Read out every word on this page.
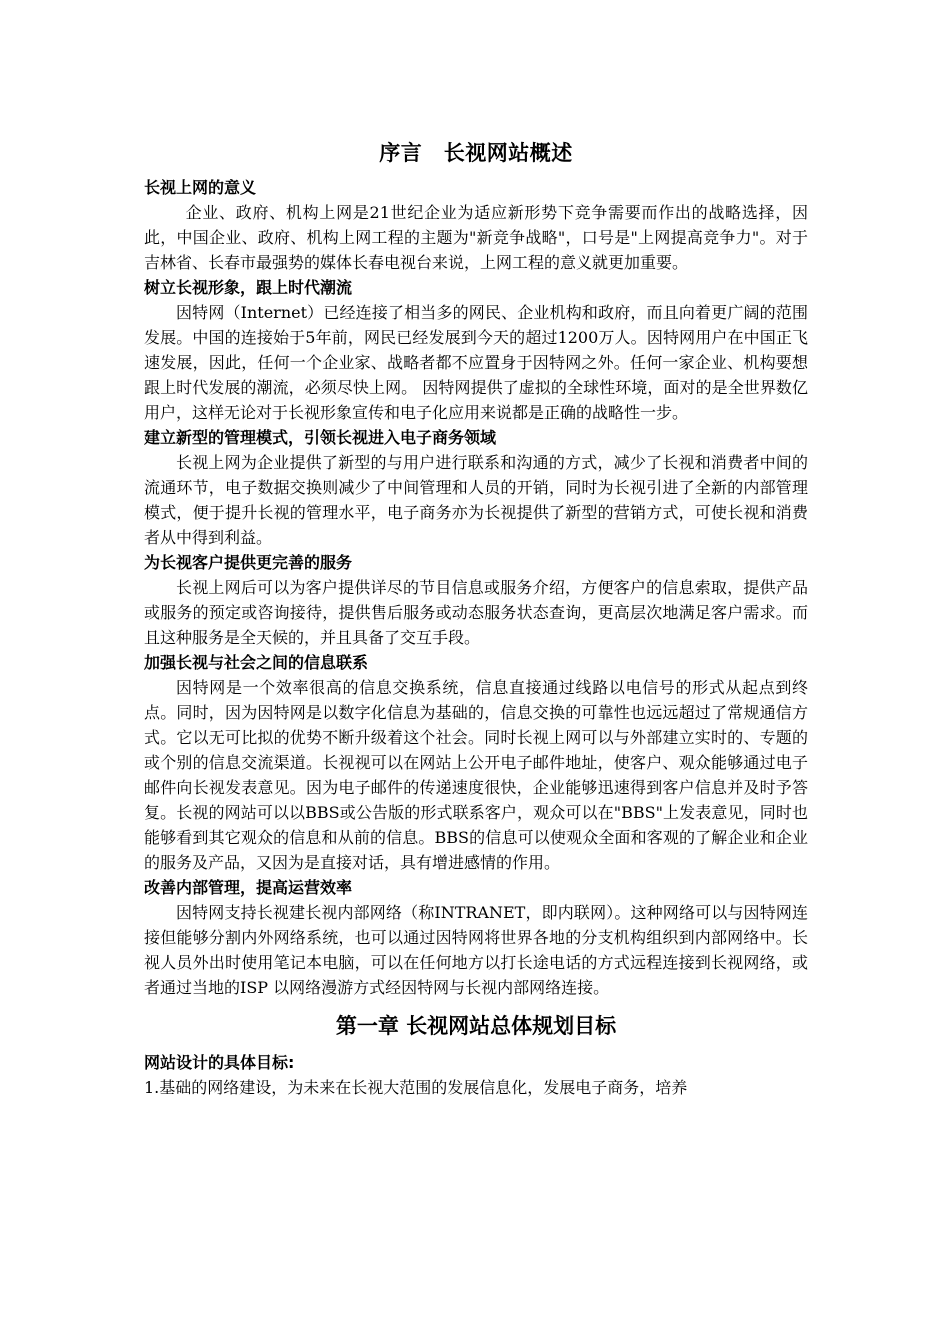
序言　长视网站概述
长视上网的意义

企业、政府、机构上网是21世纪企业为适应新形势下竞争需要而作出的战略选择，因此，中国企业、政府、机构上网工程的主题为"新竞争战略"，口号是"上网提高竞争力"。对于吉林省、长春市最强势的媒体长春电视台来说，上网工程的意义就更加重要。

树立长视形象，跟上时代潮流

因特网（Internet）已经连接了相当多的网民、企业机构和政府，而且向着更广阔的范围发展。中国的连接始于5年前，网民已经发展到今天的超过1200万人。因特网用户在中国正飞速发展，因此，任何一个企业家、战略者都不应置身于因特网之外。任何一家企业、机构要想跟上时代发展的潮流，必须尽快上网。 因特网提供了虚拟的全球性环境，面对的是全世界数亿用户，这样无论对于长视形象宣传和电子化应用来说都是正确的战略性一步。

建立新型的管理模式，引领长视进入电子商务领域

长视上网为企业提供了新型的与用户进行联系和沟通的方式，减少了长视和消费者中间的流通环节，电子数据交换则减少了中间管理和人员的开销，同时为长视引进了全新的内部管理模式，便于提升长视的管理水平，电子商务亦为长视提供了新型的营销方式，可使长视和消费者从中得到利益。

为长视客户提供更完善的服务

长视上网后可以为客户提供详尽的节目信息或服务介绍，方便客户的信息索取，提供产品或服务的预定或咨询接待，提供售后服务或动态服务状态查询，更高层次地满足客户需求。而且这种服务是全天候的，并且具备了交互手段。

加强长视与社会之间的信息联系

因特网是一个效率很高的信息交换系统，信息直接通过线路以电信号的形式从起点到终点。同时，因为因特网是以数字化信息为基础的，信息交换的可靠性也远远超过了常规通信方式。它以无可比拟的优势不断升级着这个社会。同时长视上网可以与外部建立实时的、专题的或个别的信息交流渠道。长视视可以在网站上公开电子邮件地址，使客户、观众能够通过电子邮件向长视发表意见。因为电子邮件的传递速度很快，企业能够迅速得到客户信息并及时予答复。长视的网站可以以BBS或公告版的形式联系客户，观众可以在"BBS"上发表意见，同时也能够看到其它观众的信息和从前的信息。BBS的信息可以使观众全面和客观的了解企业和企业的服务及产品，又因为是直接对话，具有增进感情的作用。

改善内部管理，提高运营效率

因特网支持长视建长视内部网络（称INTRANET，即内联网）。这种网络可以与因特网连接但能够分割内外网络系统，也可以通过因特网将世界各地的分支机构组织到内部网络中。长视人员外出时使用笔记本电脑，可以在任何地方以打长途电话的方式远程连接到长视网络，或者通过当地的ISP 以网络漫游方式经因特网与长视内部网络连接。

第一章 长视网站总体规划目标
网站设计的具体目标:

1.基础的网络建设，为未来在长视大范围的发展信息化，发展电子商务，培养
